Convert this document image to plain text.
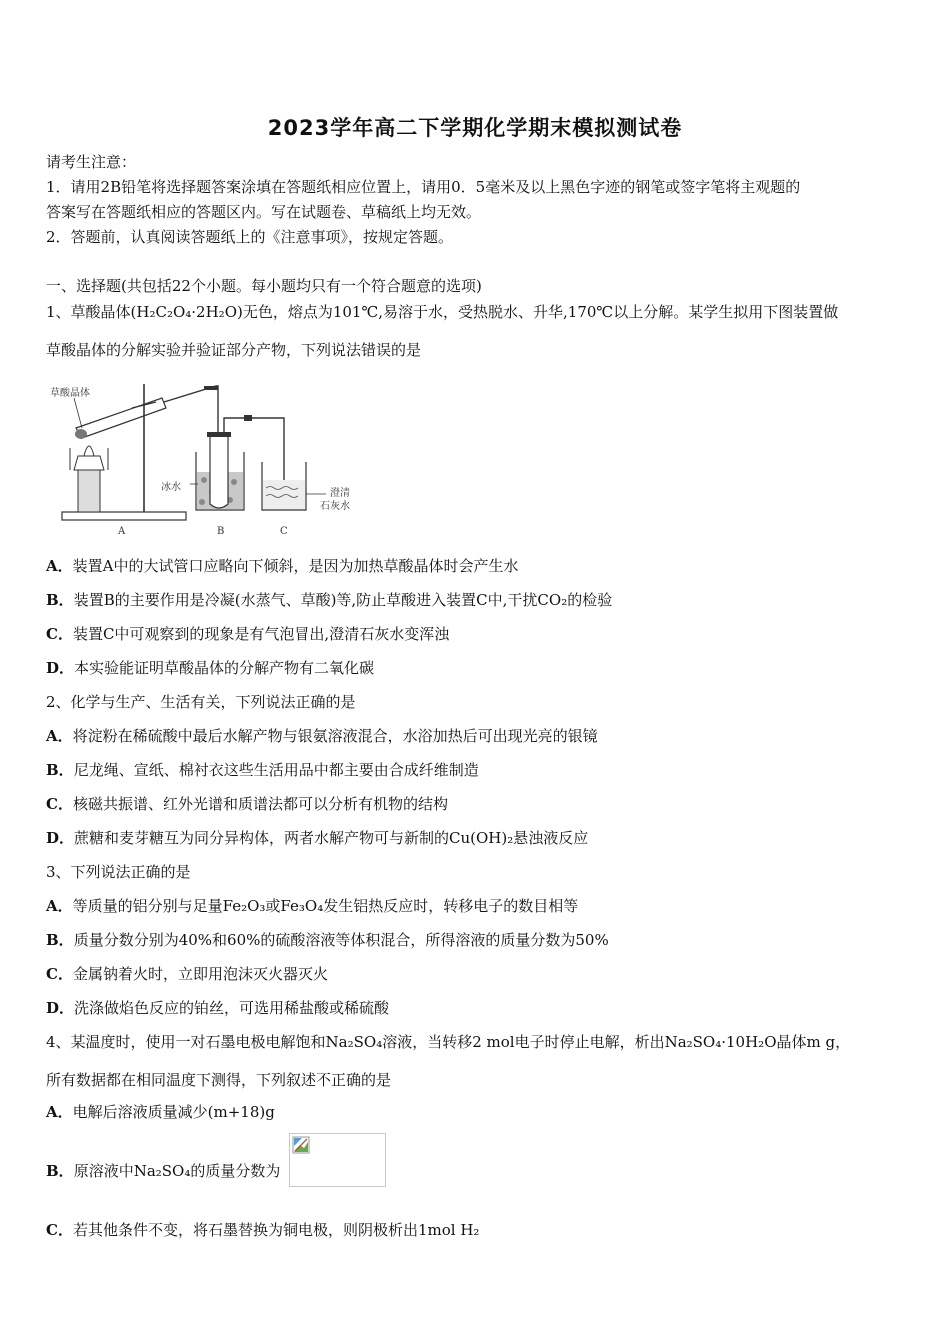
2023学年高二下学期化学期末模拟测试卷
请考生注意：
1．请用2B铅笔将选择题答案涂填在答题纸相应位置上，请用0．5毫米及以上黑色字迹的钢笔或签字笔将主观题的
答案写在答题纸相应的答题区内。写在试题卷、草稿纸上均无效。
2．答题前，认真阅读答题纸上的《注意事项》，按规定答题。
一、选择题(共包括22个小题。每小题均只有一个符合题意的选项)
1、草酸晶体(H₂C₂O₄·2H₂O)无色，熔点为101℃,易溶于水，受热脱水、升华,170℃以上分解。某学生拟用下图装置做
草酸晶体的分解实验并验证部分产物，下列说法错误的是
草酸晶体
冰水
澄清
石灰水
A	B	C
A．装置A中的大试管口应略向下倾斜，是因为加热草酸晶体时会产生水
B．装置B的主要作用是冷凝(水蒸气、草酸)等,防止草酸进入装置C中,干扰CO₂的检验
C．装置C中可观察到的现象是有气泡冒出,澄清石灰水变浑浊
D．本实验能证明草酸晶体的分解产物有二氧化碳
2、化学与生产、生活有关，下列说法正确的是
A．将淀粉在稀硫酸中最后水解产物与银氨溶液混合，水浴加热后可出现光亮的银镜
B．尼龙绳、宣纸、棉衬衣这些生活用品中都主要由合成纤维制造
C．核磁共振谱、红外光谱和质谱法都可以分析有机物的结构
D．蔗糖和麦芽糖互为同分异构体，两者水解产物可与新制的Cu(OH)₂悬浊液反应
3、下列说法正确的是
A．等质量的铝分别与足量Fe₂O₃或Fe₃O₄发生铝热反应时，转移电子的数目相等
B．质量分数分别为40%和60%的硫酸溶液等体积混合，所得溶液的质量分数为50%
C．金属钠着火时，立即用泡沫灭火器灭火
D．洗涤做焰色反应的铂丝，可选用稀盐酸或稀硫酸
4、某温度时，使用一对石墨电极电解饱和Na₂SO₄溶液，当转移2 mol电子时停止电解，析出Na₂SO₄·10H₂O晶体m g，
所有数据都在相同温度下测得，下列叙述不正确的是
A．电解后溶液质量减少(m+18)g
B．原溶液中Na₂SO₄的质量分数为
C．若其他条件不变，将石墨替换为铜电极，则阴极析出1mol H₂
